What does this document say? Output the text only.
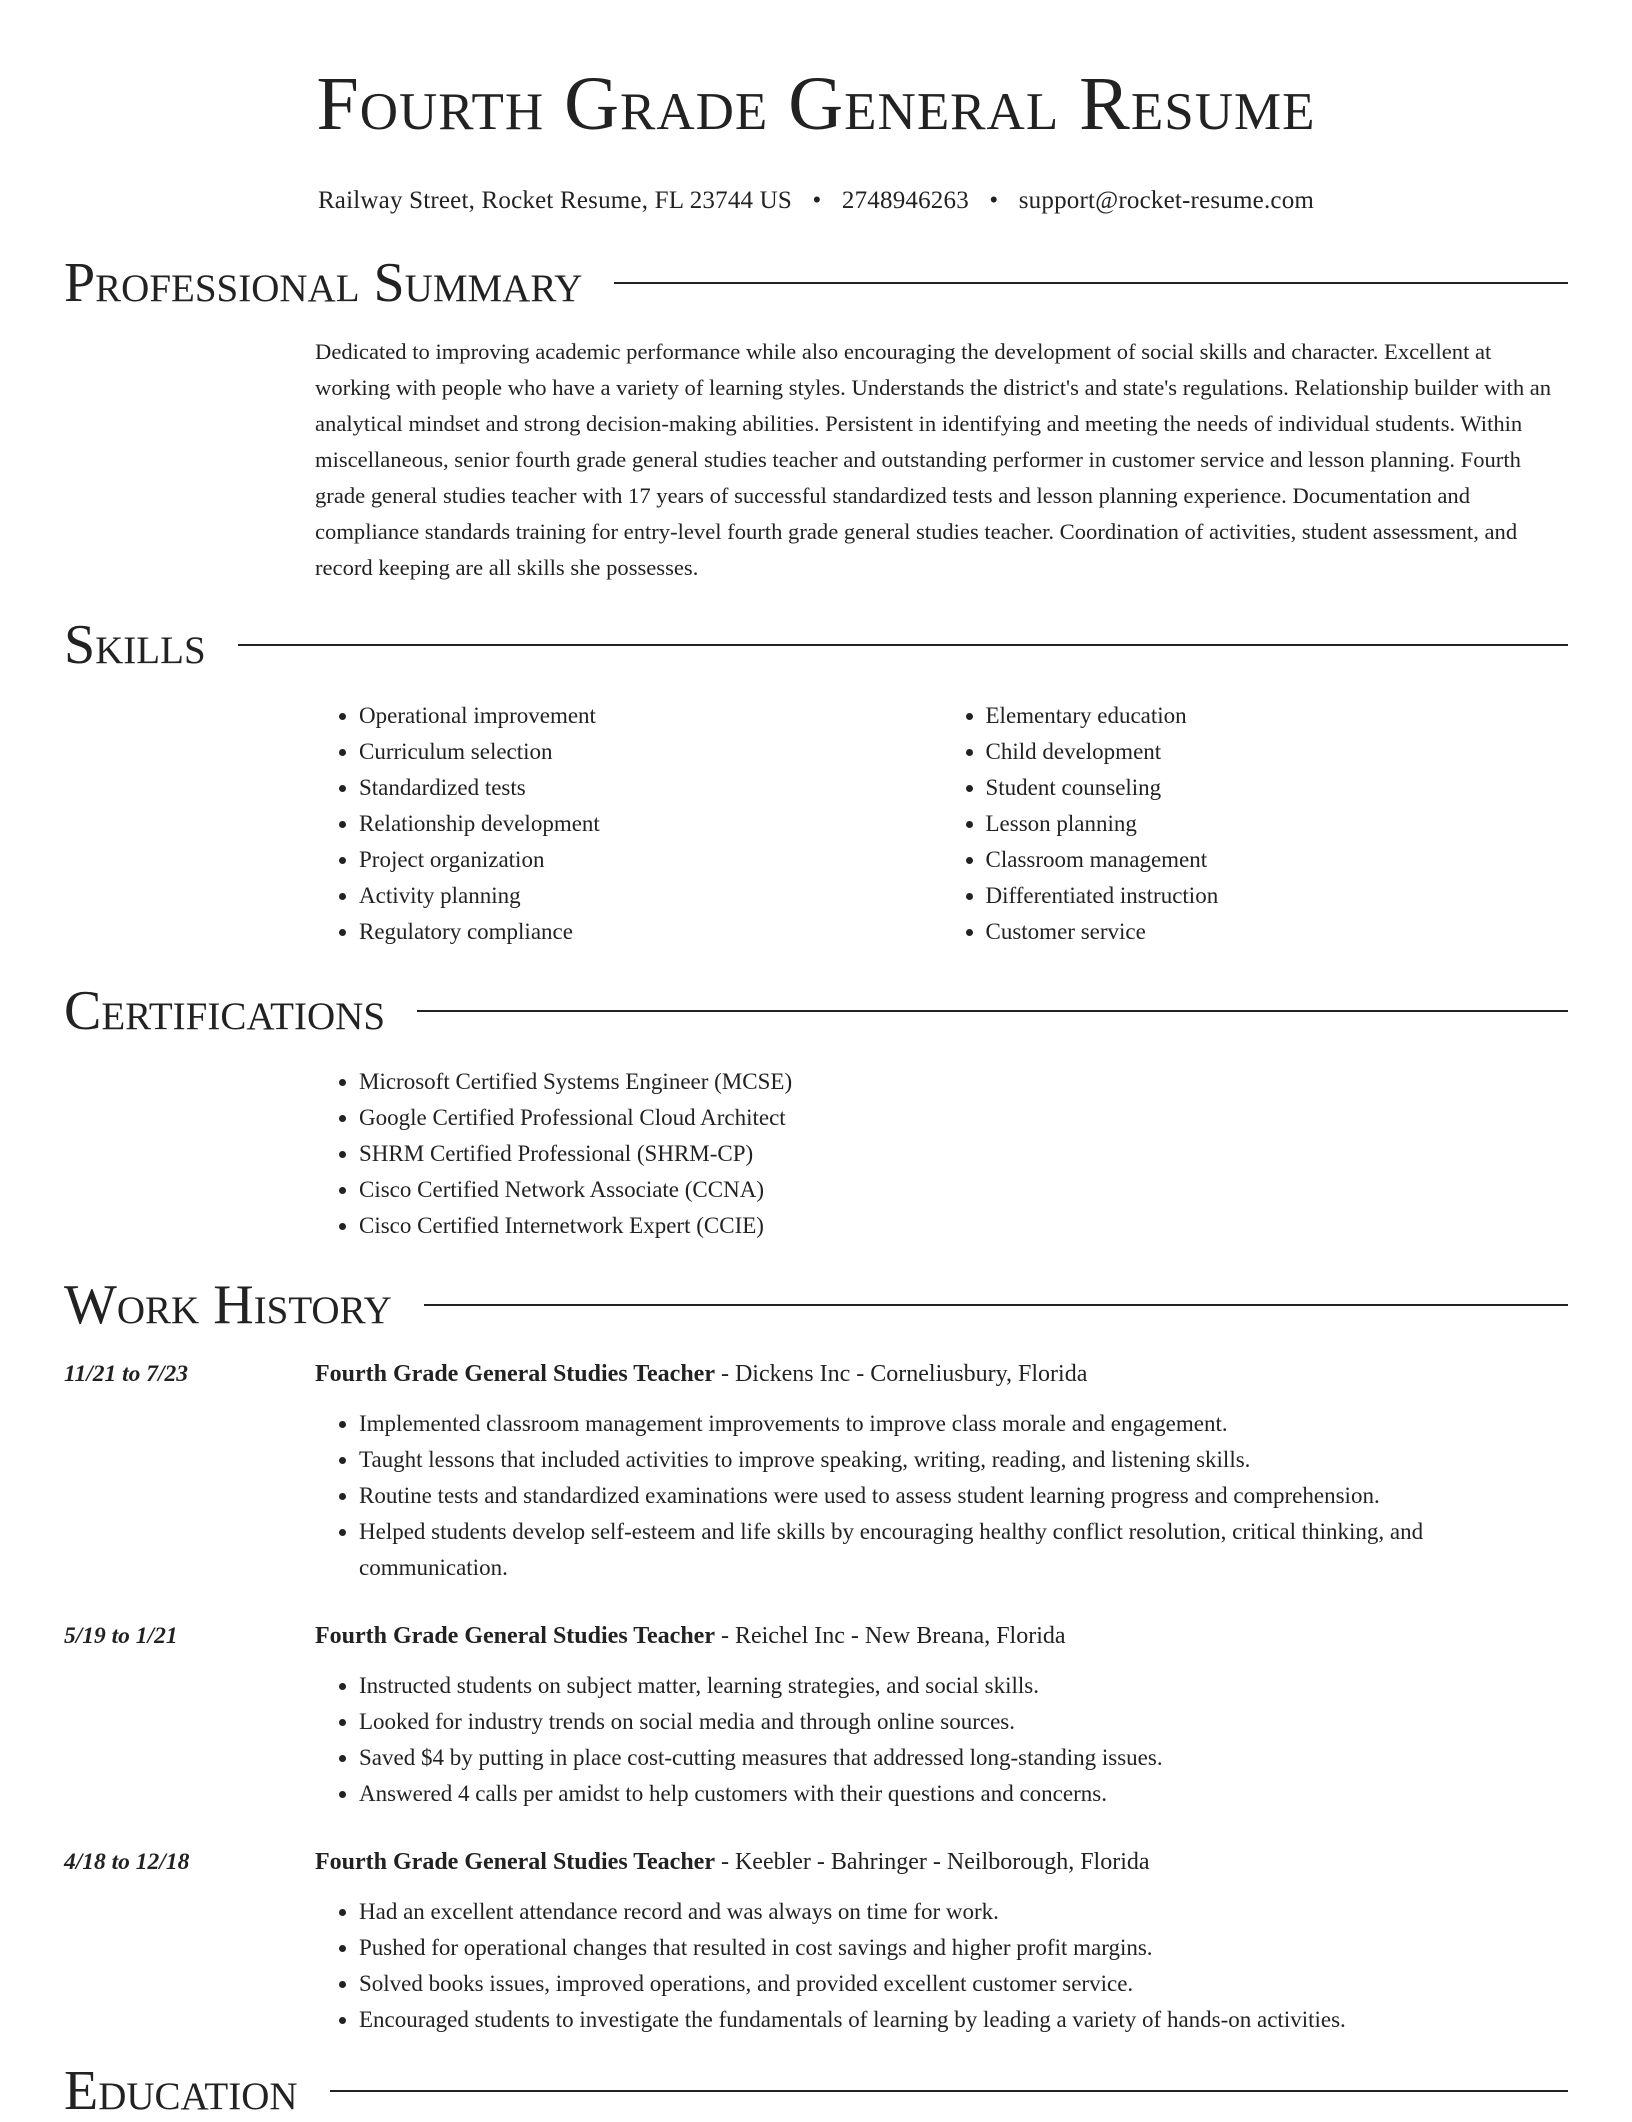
Fourth Grade General Resume
Railway Street, Rocket Resume, FL 23744 US • 2748946263 • support@rocket-resume.com
Professional Summary
Dedicated to improving academic performance while also encouraging the development of social skills and character. Excellent at working with people who have a variety of learning styles. Understands the district's and state's regulations. Relationship builder with an analytical mindset and strong decision-making abilities. Persistent in identifying and meeting the needs of individual students. Within miscellaneous, senior fourth grade general studies teacher and outstanding performer in customer service and lesson planning. Fourth grade general studies teacher with 17 years of successful standardized tests and lesson planning experience. Documentation and compliance standards training for entry-level fourth grade general studies teacher. Coordination of activities, student assessment, and record keeping are all skills she possesses.
Skills
• Operational improvement
• Curriculum selection
• Standardized tests
• Relationship development
• Project organization
• Activity planning
• Regulatory compliance
• Elementary education
• Child development
• Student counseling
• Lesson planning
• Classroom management
• Differentiated instruction
• Customer service
Certifications
• Microsoft Certified Systems Engineer (MCSE)
• Google Certified Professional Cloud Architect
• SHRM Certified Professional (SHRM-CP)
• Cisco Certified Network Associate (CCNA)
• Cisco Certified Internetwork Expert (CCIE)
Work History
11/21 to 7/23	Fourth Grade General Studies Teacher - Dickens Inc - Corneliusbury, Florida
• Implemented classroom management improvements to improve class morale and engagement.
• Taught lessons that included activities to improve speaking, writing, reading, and listening skills.
• Routine tests and standardized examinations were used to assess student learning progress and comprehension.
• Helped students develop self-esteem and life skills by encouraging healthy conflict resolution, critical thinking, and communication.
5/19 to 1/21	Fourth Grade General Studies Teacher - Reichel Inc - New Breana, Florida
• Instructed students on subject matter, learning strategies, and social skills.
• Looked for industry trends on social media and through online sources.
• Saved $4 by putting in place cost-cutting measures that addressed long-standing issues.
• Answered 4 calls per amidst to help customers with their questions and concerns.
4/18 to 12/18	Fourth Grade General Studies Teacher - Keebler - Bahringer - Neilborough, Florida
• Had an excellent attendance record and was always on time for work.
• Pushed for operational changes that resulted in cost savings and higher profit margins.
• Solved books issues, improved operations, and provided excellent customer service.
• Encouraged students to investigate the fundamentals of learning by leading a variety of hands-on activities.
Education
